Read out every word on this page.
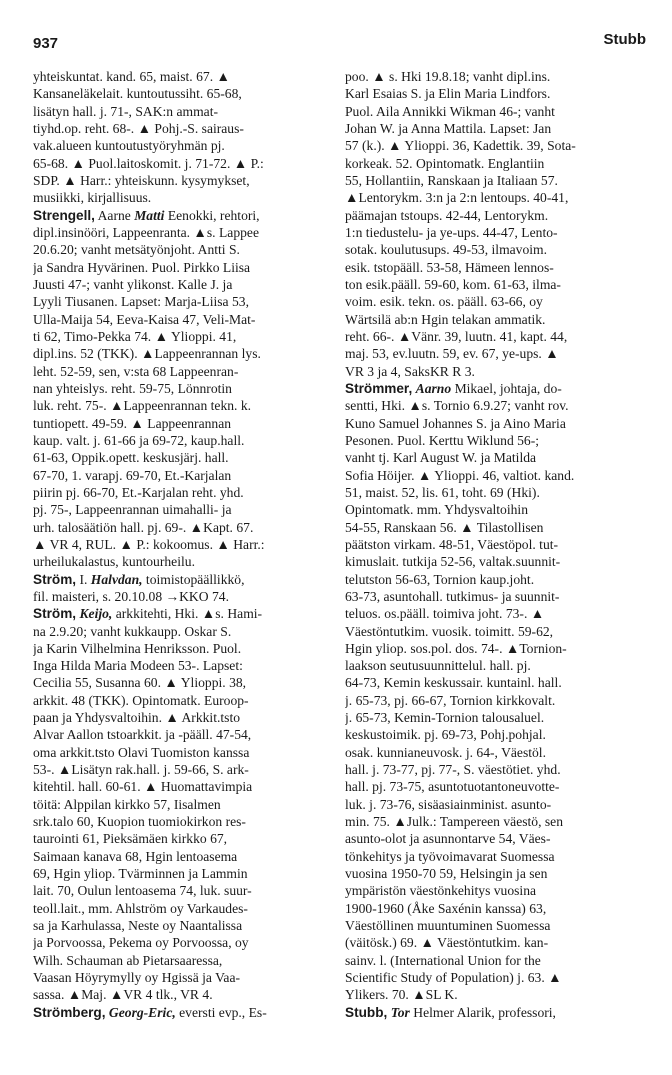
937	Stubb
yhteiskuntat. kand. 65, maist. 67. ▲
Kansaneläkelait. kuntoutussiht. 65-68,
lisätyn hall. j. 71-, SAK:n ammat-
tiyhd.op. reht. 68-. ▲ Pohj.-S. sairaus-
vak.alueen kuntoutustyöryhmän pj.
65-68. ▲ Puol.laitoskomit. j. 71-72. ▲ P.:
SDP. ▲ Harr.: yhteiskunn. kysymykset,
musiikki, kirjallisuus.
Strengell, Aarne Matti Eenokki, rehtori,
dipl.insinööri, Lappeenranta. ▲s. Lappee
20.6.20; vanht metsätyönjoht. Antti S.
ja Sandra Hyvärinen. Puol. Pirkko Liisa
Juusti 47-; vanht ylikonst. Kalle J. ja
Lyyli Tiusanen. Lapset: Marja-Liisa 53,
Ulla-Maija 54, Eeva-Kaisa 47, Veli-Mat-
ti 62, Timo-Pekka 74. ▲ Ylioppi. 41,
dipl.ins. 52 (TKK). ▲Lappeenrannan lys.
leht. 52-59, sen, v:sta 68 Lappeenran-
nan yhteislys. reht. 59-75, Lönnrotin
luk. reht. 75-. ▲Lappeenrannan tekn. k.
tuntiopett. 49-59. ▲ Lappeenrannan
kaup. valt. j. 61-66 ja 69-72, kaup.hall.
61-63, Oppik.opett. keskusjärj. hall.
67-70, 1. varapj. 69-70, Et.-Karjalan
piirin pj. 66-70, Et.-Karjalan reht. yhd.
pj. 75-, Lappeenrannan uimahalli- ja
urh. talosäätiön hall. pj. 69-. ▲Kapt. 67.
▲ VR 4, RUL. ▲ P.: kokoomus. ▲ Harr.:
urheilukalastus, kuntourheilu.
Ström, I. Halvdan, toimistopäällikkö,
fil. maisteri, s. 20.10.08 →KKO 74.
Ström, Keijo, arkkitehti, Hki. ▲s. Hami-
na 2.9.20; vanht kukkaupp. Oskar S.
ja Karin Vilhelmina Henriksson. Puol.
Inga Hilda Maria Modeen 53-. Lapset:
Cecilia 55, Susanna 60. ▲ Ylioppi. 38,
arkkit. 48 (TKK). Opintomatk. Euroop-
paan ja Yhdysvaltoihin. ▲ Arkkit.tsto
Alvar Aallon tstoarkkit. ja -pääll. 47-54,
oma arkkit.tsto Olavi Tuomiston kanssa
53-. ▲Lisätyn rak.hall. j. 59-66, S. ark-
kitehtil. hall. 60-61. ▲ Huomattavimpia
töitä: Alppilan kirkko 57, Iisalmen
srk.talo 60, Kuopion tuomiokirkon res-
taurointi 61, Pieksämäen kirkko 67,
Saimaan kanava 68, Hgin lentoasema
69, Hgin yliop. Tvärminnen ja Lammin
lait. 70, Oulun lentoasema 74, luk. suur-
teoll.lait., mm. Ahlström oy Varkaudes-
sa ja Karhulassa, Neste oy Naantalissa
ja Porvoossa, Pekema oy Porvoossa, oy
Wilh. Schauman ab Pietarsaaressa,
Vaasan Höyrymylly oy Hgissä ja Vaa-
sassa. ▲Maj. ▲VR 4 tlk., VR 4.
Strömberg, Georg-Eric, eversti evp., Es-
poo. ▲ s. Hki 19.8.18; vanht dipl.ins.
Karl Esaias S. ja Elin Maria Lindfors.
Puol. Aila Annikki Wikman 46-; vanht
Johan W. ja Anna Mattila. Lapset: Jan
57 (k.). ▲ Ylioppi. 36, Kadettik. 39, Sota-
korkeak. 52. Opintomatk. Englantiin
55, Hollantiin, Ranskaan ja Italiaan 57.
▲Lentorykm. 3:n ja 2:n lentoups. 40-41,
päämajan tstoups. 42-44, Lentorykm.
1:n tiedustelu- ja ye-ups. 44-47, Lento-
sotak. koulutusups. 49-53, ilmavoim.
esik. tstopääll. 53-58, Hämeen lennos-
ton esik.pääll. 59-60, kom. 61-63, ilma-
voim. esik. tekn. os. pääll. 63-66, oy
Wärtsilä ab:n Hgin telakan ammatik.
reht. 66-. ▲Vänr. 39, luutn. 41, kapt. 44,
maj. 53, ev.luutn. 59, ev. 67, ye-ups. ▲
VR 3 ja 4, SaksKR R 3.
Strömmer, Aarno Mikael, johtaja, do-
sentti, Hki. ▲s. Tornio 6.9.27; vanht rov.
Kuno Samuel Johannes S. ja Aino Maria
Pesonen. Puol. Kerttu Wiklund 56-;
vanht tj. Karl August W. ja Matilda
Sofia Höijer. ▲ Ylioppi. 46, valtiot. kand.
51, maist. 52, lis. 61, toht. 69 (Hki).
Opintomatk. mm. Yhdysvaltoihin
54-55, Ranskaan 56. ▲ Tilastollisen
päätston virkam. 48-51, Väestöpol. tut-
kimuslait. tutkija 52-56, valtak.suunnit-
telutston 56-63, Tornion kaup.joht.
63-73, asuntohall. tutkimus- ja suunnit-
teluos. os.pääll. toimiva joht. 73-. ▲
Väestöntutkim. vuosik. toimitt. 59-62,
Hgin yliop. sos.pol. dos. 74-. ▲Tornion-
laakson seutusuunnittelul. hall. pj.
64-73, Kemin keskussair. kuntainl. hall.
j. 65-73, pj. 66-67, Tornion kirkkovalt.
j. 65-73, Kemin-Tornion talousaluel.
keskustoimik. pj. 69-73, Pohj.pohjal.
osak. kunnianeuvosk. j. 64-, Väestöl.
hall. j. 73-77, pj. 77-, S. väestötiet. yhd.
hall. pj. 73-75, asuntotuotantoneuvotte-
luk. j. 73-76, sisäasiainminist. asunto-
min. 75. ▲Julk.: Tampereen väestö, sen
asunto-olot ja asunnontarve 54, Väes-
tönkehitys ja työvoimavarat Suomessa
vuosina 1950-70 59, Helsingin ja sen
ympäristön väestönkehitys vuosina
1900-1960 (Åke Saxénin kanssa) 63,
Väestöllinen muuntuminen Suomessa
(väitösk.) 69. ▲ Väestöntutkim. kan-
sainv. l. (International Union for the
Scientific Study of Population) j. 63. ▲
Ylikers. 70. ▲SL K.
Stubb, Tor Helmer Alarik, professori,
